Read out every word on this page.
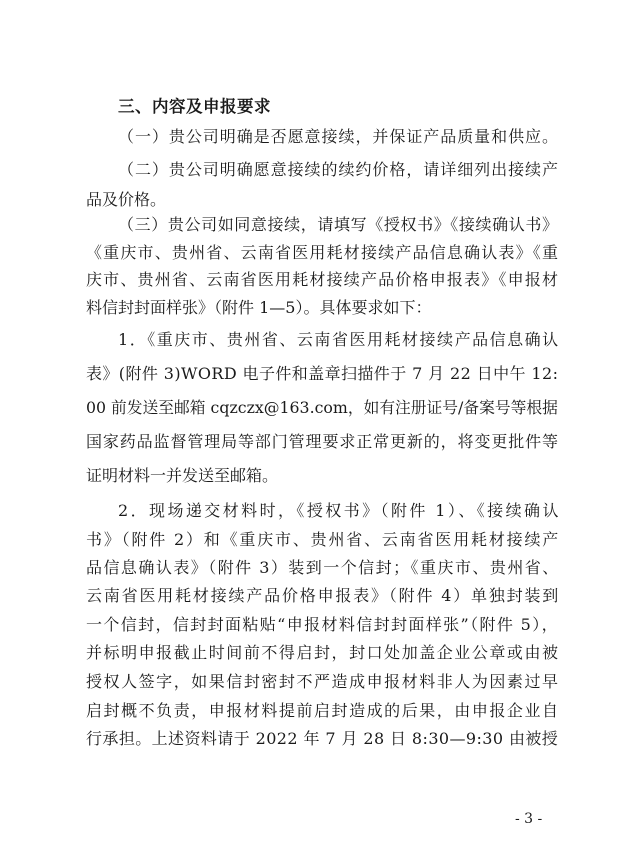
三、内容及申报要求
（一）贵公司明确是否愿意接续，并保证产品质量和供应。
（二）贵公司明确愿意接续的续约价格，请详细列出接续产
品及价格。
（三）贵公司如同意接续，请填写《授权书》《接续确认书》
《重庆市、贵州省、云南省医用耗材接续产品信息确认表》《重
庆市、贵州省、云南省医用耗材接续产品价格申报表》《申报材
料信封封面样张》（附件 1—5）。具体要求如下：
1．《重庆市、贵州省、云南省医用耗材接续产品信息确认
表》(附件 3)WORD 电子件和盖章扫描件于 7 月 22 日中午 12:
00 前发送至邮箱 cqzczx@163.com，如有注册证号/备案号等根据
国家药品监督管理局等部门管理要求正常更新的，将变更批件等
证明材料一并发送至邮箱。
2．现场递交材料时，《授权书》（附件 1）、《接续确认
书》（附件 2）和《重庆市、贵州省、云南省医用耗材接续产
品信息确认表》（附件 3）装到一个信封；《重庆市、贵州省、
云南省医用耗材接续产品价格申报表》（附件 4）单独封装到
一个信封，信封封面粘贴“申报材料信封封面样张”（附件 5），
并标明申报截止时间前不得启封，封口处加盖企业公章或由被
授权人签字，如果信封密封不严造成申报材料非人为因素过早
启封概不负责，申报材料提前启封造成的后果，由申报企业自
行承担。上述资料请于 2022 年 7 月 28 日 8:30—9:30 由被授
- 3 -
